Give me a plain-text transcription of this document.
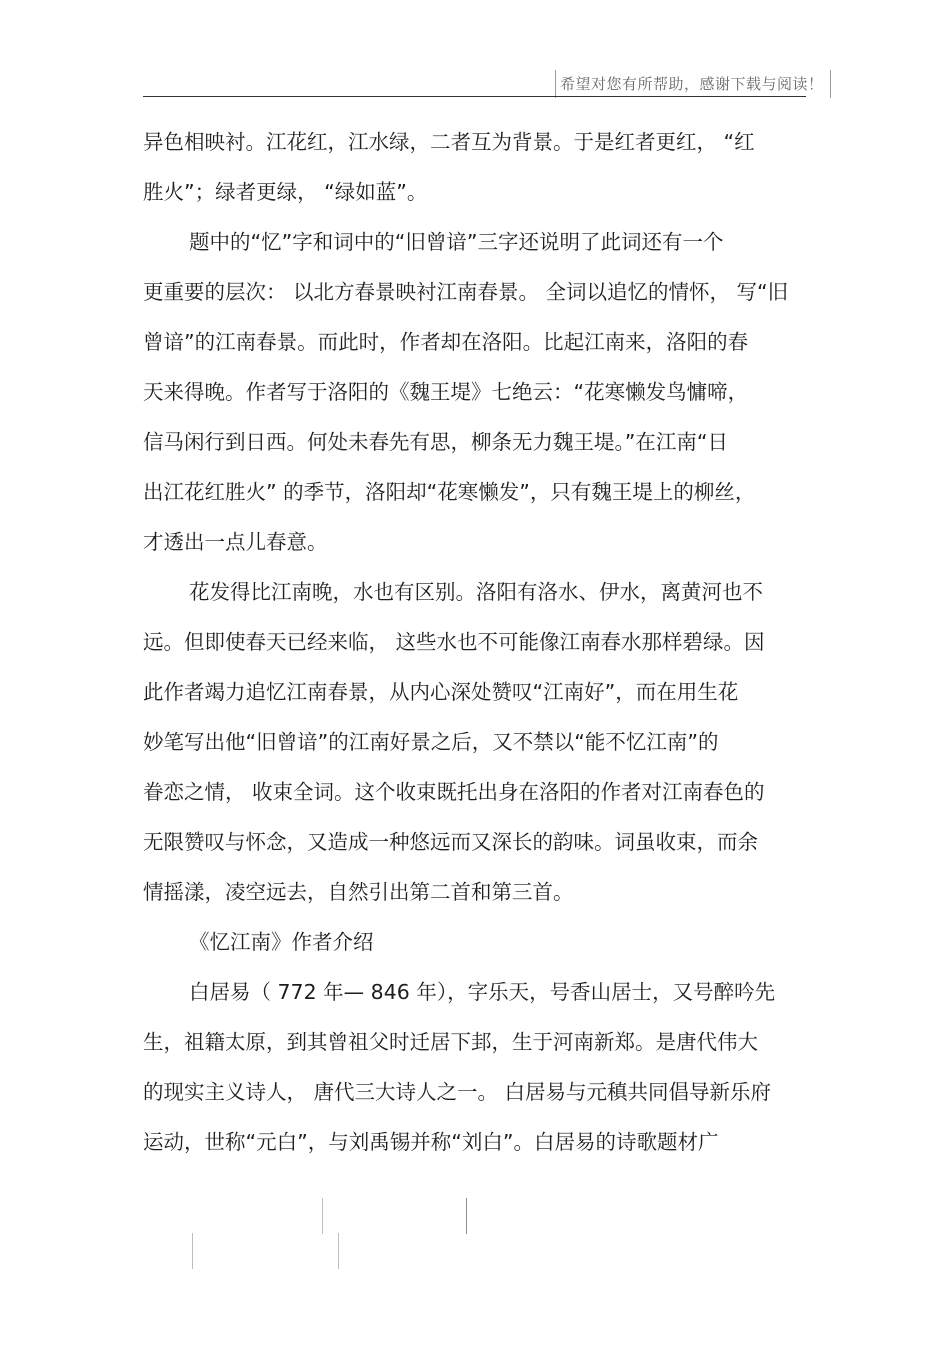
希望对您有所帮助，感谢下载与阅读！
异色相映衬。江花红，江水绿，二者互为背景。于是红者更红， “红
胜火”；绿者更绿， “绿如蓝”。
题中的“忆”字和词中的“旧曾谙”三字还说明了此词还有一个
更重要的层次： 以北方春景映衬江南春景。 全词以追忆的情怀， 写“旧
曾谙”的江南春景。而此时，作者却在洛阳。比起江南来，洛阳的春
天来得晚。作者写于洛阳的《魏王堤》七绝云：“花寒懒发鸟慵啼，
信马闲行到日西。何处未春先有思，柳条无力魏王堤。”在江南“日
出江花红胜火” 的季节，洛阳却“花寒懒发”，只有魏王堤上的柳丝，
才透出一点儿春意。
花发得比江南晚，水也有区别。洛阳有洛水、伊水，离黄河也不
远。但即使春天已经来临， 这些水也不可能像江南春水那样碧绿。因
此作者竭力追忆江南春景，从内心深处赞叹“江南好”，而在用生花
妙笔写出他“旧曾谙”的江南好景之后，又不禁以“能不忆江南”的
眷恋之情， 收束全词。这个收束既托出身在洛阳的作者对江南春色的
无限赞叹与怀念，又造成一种悠远而又深长的韵味。词虽收束，而余
情摇漾，凌空远去，自然引出第二首和第三首。
《忆江南》作者介绍
白居易（ 772 年— 846 年），字乐天，号香山居士，又号醉吟先
生，祖籍太原，到其曾祖父时迁居下邽，生于河南新郑。是唐代伟大
的现实主义诗人， 唐代三大诗人之一。 白居易与元稹共同倡导新乐府
运动，世称“元白”，与刘禹锡并称“刘白”。白居易的诗歌题材广
